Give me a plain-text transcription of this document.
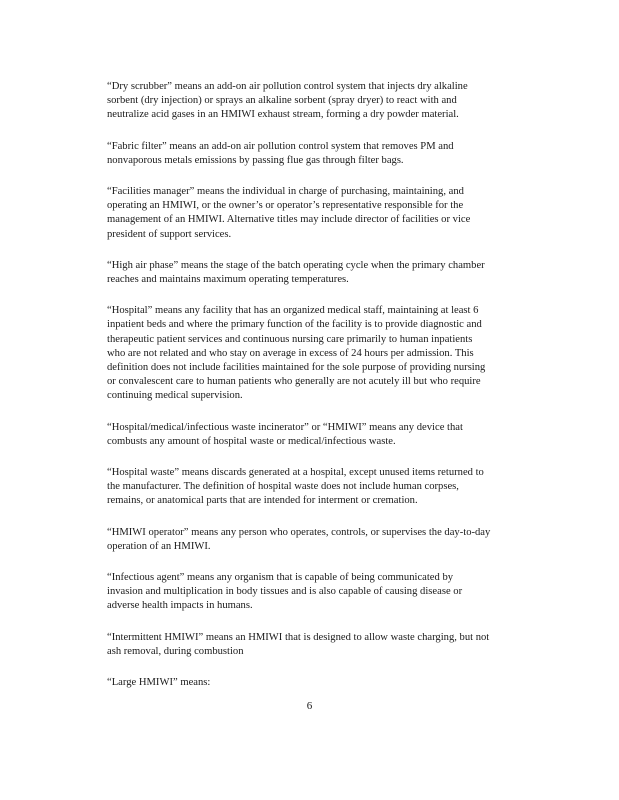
“Dry scrubber” means an add-on air pollution control system that injects dry alkaline
sorbent (dry injection) or sprays an alkaline sorbent (spray dryer) to react with and
neutralize acid gases in an HMIWI exhaust stream, forming a dry powder material.

“Fabric filter” means an add-on air pollution control system that removes PM and
nonvaporous metals emissions by passing flue gas through filter bags.

“Facilities manager” means the individual in charge of purchasing, maintaining, and
operating an HMIWI, or the owner’s or operator’s representative responsible for the
management of an HMIWI. Alternative titles may include director of facilities or vice
president of support services.

“High air phase” means the stage of the batch operating cycle when the primary chamber
reaches and maintains maximum operating temperatures.

“Hospital” means any facility that has an organized medical staff, maintaining at least 6
inpatient beds and where the primary function of the facility is to provide diagnostic and
therapeutic patient services and continuous nursing care primarily to human inpatients
who are not related and who stay on average in excess of 24 hours per admission. This
definition does not include facilities maintained for the sole purpose of providing nursing
or convalescent care to human patients who generally are not acutely ill but who require
continuing medical supervision.

“Hospital/medical/infectious waste incinerator” or “HMIWI” means any device that
combusts any amount of hospital waste or medical/infectious waste.

“Hospital waste” means discards generated at a hospital, except unused items returned to
the manufacturer. The definition of hospital waste does not include human corpses,
remains, or anatomical parts that are intended for interment or cremation.

“HMIWI operator” means any person who operates, controls, or supervises the day-to-day
operation of an HMIWI.

“Infectious agent” means any organism that is capable of being communicated by
invasion and multiplication in body tissues and is also capable of causing disease or
adverse health impacts in humans.

“Intermittent HMIWI” means an HMIWI that is designed to allow waste charging, but not
ash removal, during combustion

“Large HMIWI” means:

6
